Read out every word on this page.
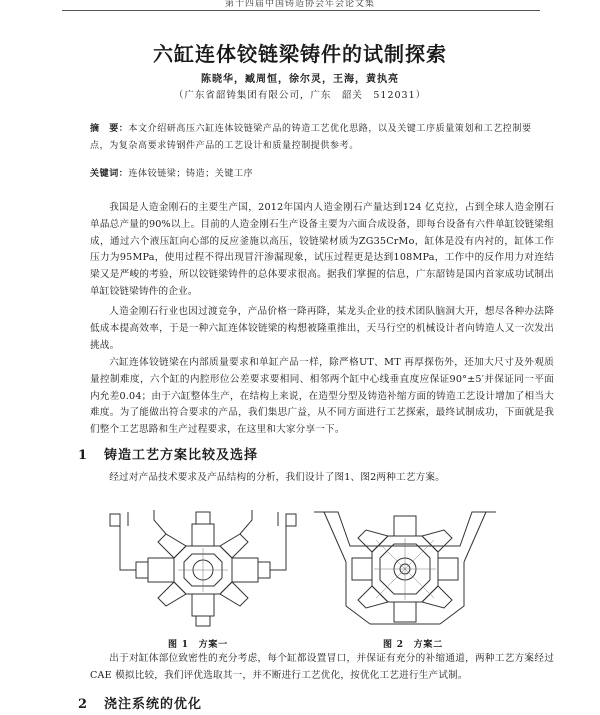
第十四届中国铸造协会年会论文集
六缸连体铰链梁铸件的试制探索
陈晓华，臧周恒，徐尔灵，王海，黄执亮
（广东省韶铸集团有限公司，广东　韶关　512031）
摘　要：本文介绍研高压六缸连体铰链梁产品的铸造工艺优化思路，以及关键工序质量策划和工艺控制要点，为复杂高要求铸钢件产品的工艺设计和质量控制提供参考。
关键词：连体铰链梁；铸造；关键工序
我国是人造金刚石的主要生产国，2012年国内人造金刚石产量达到124 亿克拉，占到全球人造金刚石单晶总产量的90%以上。目前的人造金刚石生产设备主要为六面合成设备，即每台设备有六件单缸铰链梁组成，通过六个液压缸向心部的反应釜施以高压，铰链梁材质为ZG35CrMo，缸体是没有内衬的，缸体工作压力为95MPa，使用过程不得出现冒汗渗漏现象，试压过程更是达到108MPa，工作中的反作用力对连结梁又是严峻的考验，所以铰链梁铸件的总体要求很高。据我们掌握的信息，广东韶铸是国内首家成功试制出单缸铰链梁铸件的企业。
人造金刚石行业也因过渡竞争，产品价格一降再降，某龙头企业的技术团队脑洞大开，想尽各种办法降低成本提高效率，于是一种六缸连体铰链梁的构想被隆重推出，天马行空的机械设计者向铸造人又一次发出挑战。
六缸连体铰链梁在内部质量要求和单缸产品一样，除严格UT、MT 再厚探伤外，还加大尺寸及外观质量控制难度，六个缸的内腔形位公差要求要相同、相邻两个缸中心线垂直度应保证90°±5′并保证同一平面内允差0.04；由于六缸整体生产，在结构上来说，在造型分型及铸造补缩方面的铸造工艺设计增加了相当大难度。为了能做出符合要求的产品，我们集思广益，从不同方面进行工艺探索，最终试制成功，下面就是我们整个工艺思路和生产过程要求，在这里和大家分享一下。
1 铸造工艺方案比较及选择
经过对产品技术要求及产品结构的分析，我们设计了图1、图2两种工艺方案。
图 1　方案一	图 2　方案二
出于对缸体部位致密性的充分考虑，每个缸都设置冒口，并保证有充分的补缩通道，两种工艺方案经过CAE 模拟比较，我们评优选取其一，并不断进行工艺优化，按优化工艺进行生产试制。
2 浇注系统的优化
